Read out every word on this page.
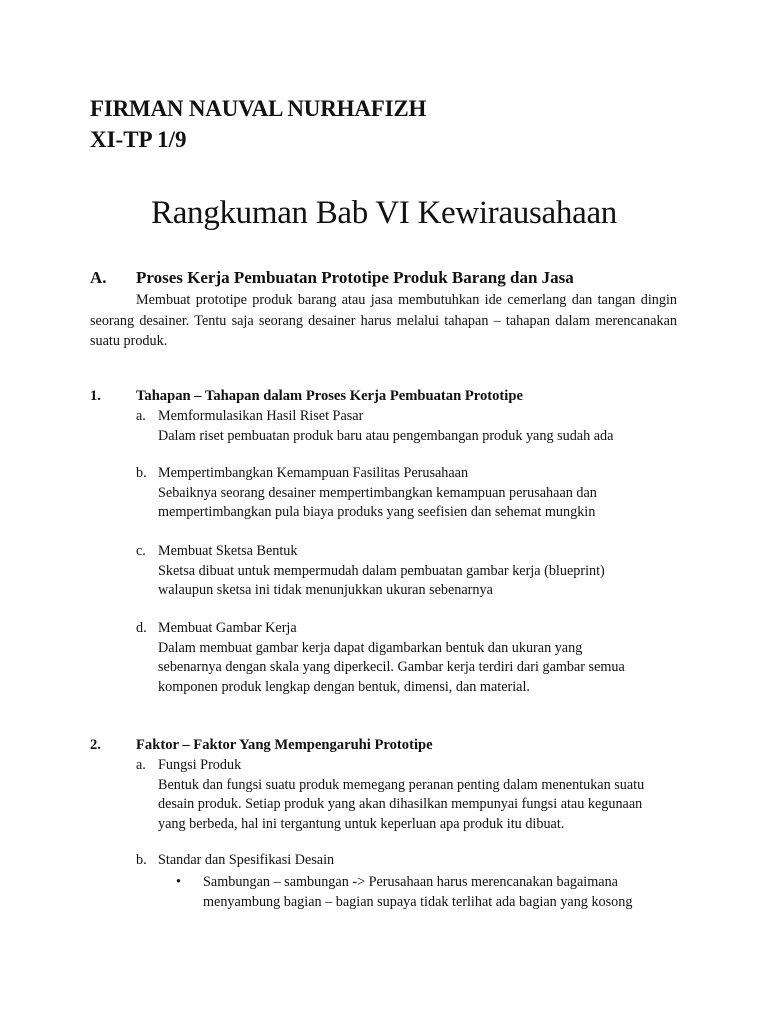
FIRMAN NAUVAL NURHAFIZH
XI-TP 1/9
Rangkuman Bab VI Kewirausahaan
A. Proses Kerja Pembuatan Prototipe Produk Barang dan Jasa
Membuat prototipe produk barang atau jasa membutuhkan ide cemerlang dan tangan dingin seorang desainer. Tentu saja seorang desainer harus melalui tahapan – tahapan dalam merencanakan suatu produk.
1. Tahapan – Tahapan dalam Proses Kerja Pembuatan Prototipe
a. Memformulasikan Hasil Riset Pasar
Dalam riset pembuatan produk baru atau pengembangan produk yang sudah ada
b. Mempertimbangkan Kemampuan Fasilitas Perusahaan
Sebaiknya seorang desainer mempertimbangkan kemampuan perusahaan dan
mempertimbangkan pula biaya produks yang seefisien dan sehemat mungkin
c. Membuat Sketsa Bentuk
Sketsa dibuat untuk mempermudah dalam pembuatan gambar kerja (blueprint)
walaupun sketsa ini tidak menunjukkan ukuran sebenarnya
d. Membuat Gambar Kerja
Dalam membuat gambar kerja dapat digambarkan bentuk dan ukuran yang
sebenarnya dengan skala yang diperkecil. Gambar kerja terdiri dari gambar semua
komponen produk lengkap dengan bentuk, dimensi, dan material.
2. Faktor – Faktor Yang Mempengaruhi Prototipe
a. Fungsi Produk
Bentuk dan fungsi suatu produk memegang peranan penting dalam menentukan suatu
desain produk. Setiap produk yang akan dihasilkan mempunyai fungsi atau kegunaan
yang berbeda, hal ini tergantung untuk keperluan apa produk itu dibuat.
b. Standar dan Spesifikasi Desain
• Sambungan – sambungan -> Perusahaan harus merencanakan bagaimana
menyambung bagian – bagian supaya tidak terlihat ada bagian yang kosong
